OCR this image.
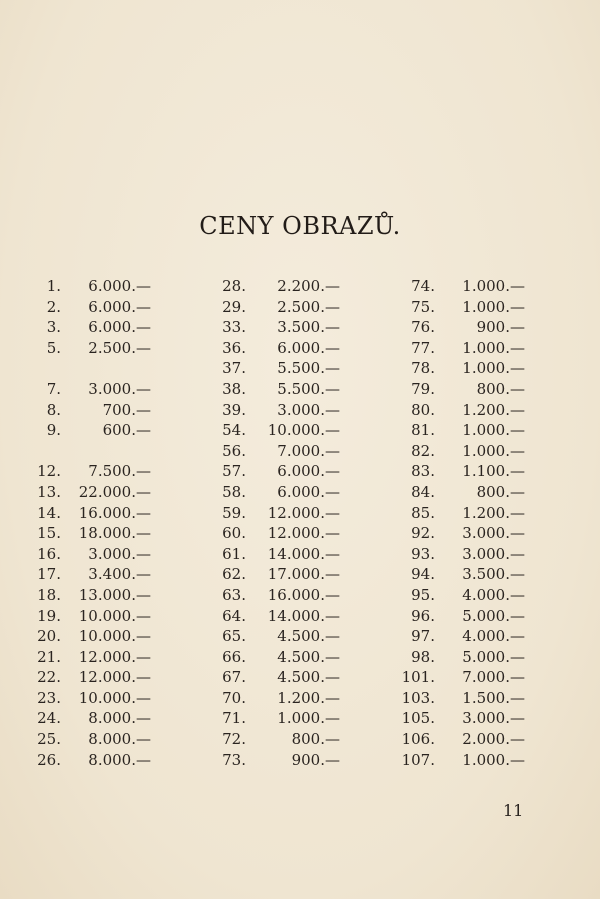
CENY OBRAZŮ.
1. 6.000.—
2. 6.000.—
3. 6.000.—
5. 2.500.—
7. 3.000.—
8.	700.—
9.	600.—
12. 7.500.—
13. 22.000.—
14. 16.000.—
15. 18.000.—
16. 3.000.—
17. 3.400.—
18. 13.000.—
19. 10.000.—
20. 10.000.—
21. 12.000.—
22. 12.000.—
23. 10.000.—
24. 8.000.—
25. 8.000.—
26. 8.000.—
28. 2.200.—
29. 2.500.—
33. 3.500.—
36. 6.000.—
37. 5.500.—
38. 5.500.—
39. 3.000.—
54. 10.000.—
56. 7.000.—
57. 6.000.—
58. 6.000.—
59. 12.000.—
60. 12.000.—
61. 14.000.—
62. 17.000.—
63. 16.000.—
64. 14.000.—
65. 4.500.—
66. 4.500.—
67. 4.500.—
70. 1.200.—
71. 1.000.—
72.	800.—
73.	900.—
74. 1.000.—
75. 1.000.—
76.	900.—
77. 1.000.—
78. 1.000.—
79.	800.—
80. 1.200.—
81. 1.000.—
82. 1.000.—
83. 1.100.—
84.	800.—
85. 1.200.—
92. 3.000.—
93. 3.000.—
94. 3.500.—
95. 4.000.—
96. 5.000.—
97. 4.000.—
98. 5.000.—
101. 7.000.—
103. 1.500.—
105. 3.000.—
106. 2.000.—
107. 1.000.—
11
